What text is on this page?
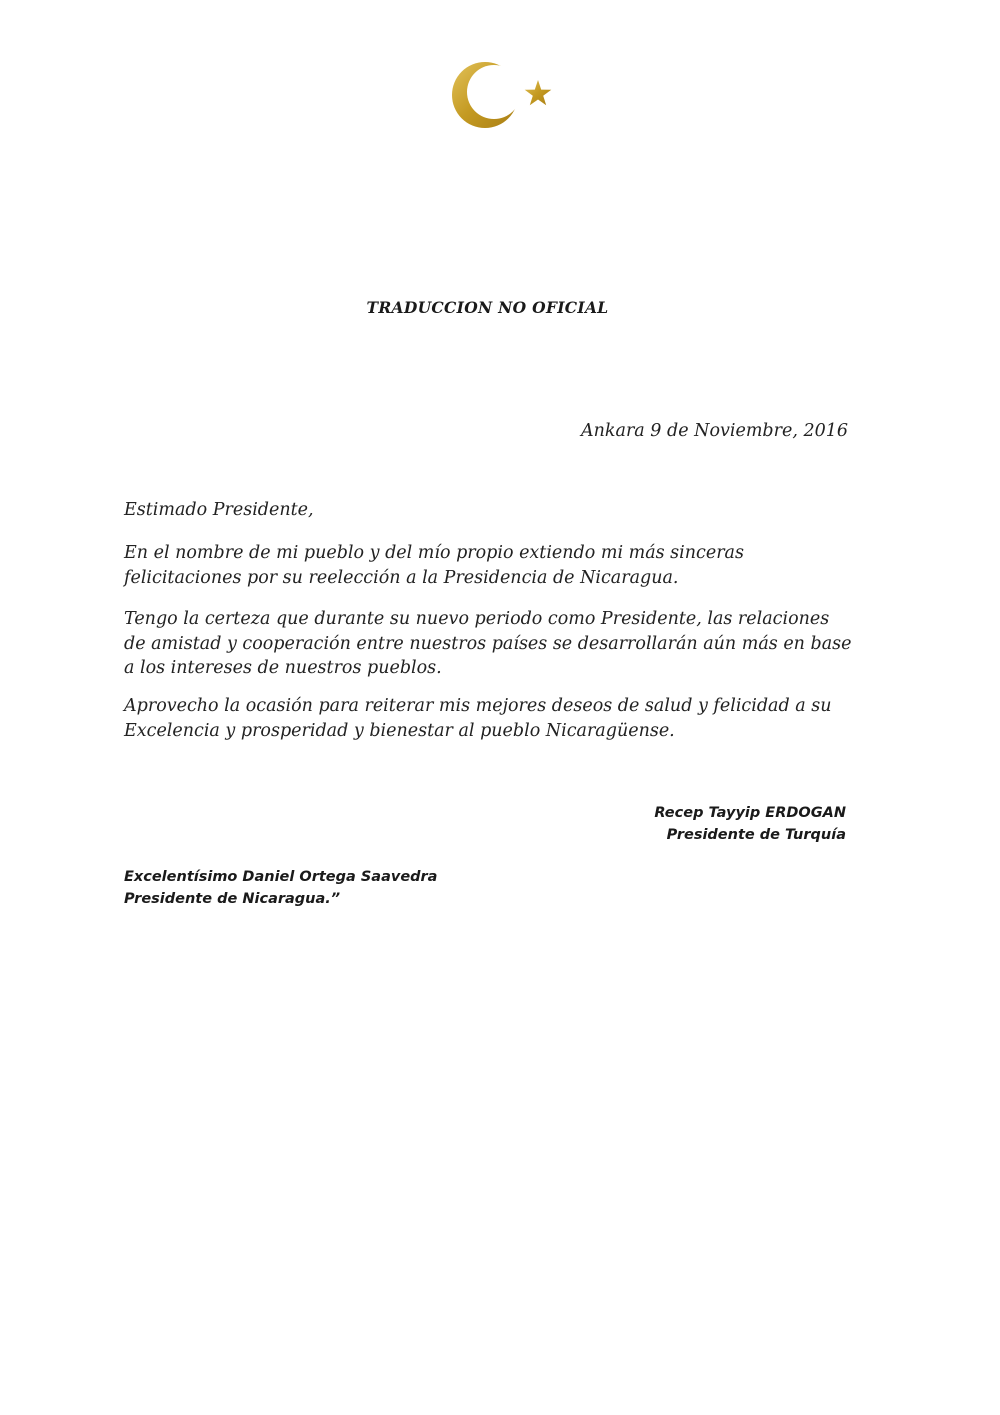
TRADUCCION NO OFICIAL

Ankara 9 de Noviembre, 2016

Estimado Presidente,

En el nombre de mi pueblo y del mío propio extiendo mi más sinceras felicitaciones por su reelección a la Presidencia de Nicaragua.

Tengo la certeza que durante su nuevo periodo como Presidente, las relaciones de amistad y cooperación entre nuestros países se desarrollarán aún más en base a los intereses de nuestros pueblos.

Aprovecho la ocasión para reiterar mis mejores deseos de salud y felicidad a su Excelencia y prosperidad y bienestar al pueblo Nicaragüense.

Recep Tayyip ERDOGAN
Presidente de Turquía
Excelentísimo Daniel Ortega Saavedra
Presidente de Nicaragua.”
